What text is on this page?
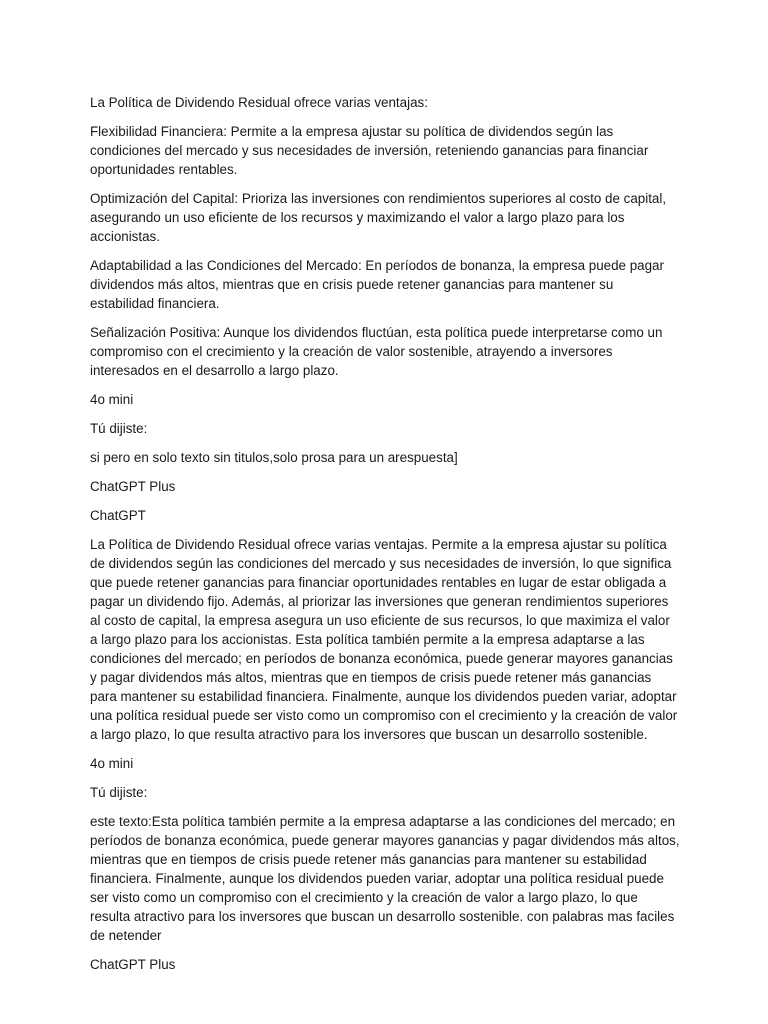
La Política de Dividendo Residual ofrece varias ventajas:

Flexibilidad Financiera: Permite a la empresa ajustar su política de dividendos según las condiciones del mercado y sus necesidades de inversión, reteniendo ganancias para financiar oportunidades rentables.

Optimización del Capital: Prioriza las inversiones con rendimientos superiores al costo de capital, asegurando un uso eficiente de los recursos y maximizando el valor a largo plazo para los accionistas.

Adaptabilidad a las Condiciones del Mercado: En períodos de bonanza, la empresa puede pagar dividendos más altos, mientras que en crisis puede retener ganancias para mantener su estabilidad financiera.

Señalización Positiva: Aunque los dividendos fluctúan, esta política puede interpretarse como un compromiso con el crecimiento y la creación de valor sostenible, atrayendo a inversores interesados en el desarrollo a largo plazo.

4o mini

Tú dijiste:

si pero en solo texto sin titulos,solo prosa para un arespuesta]

ChatGPT Plus

ChatGPT

La Política de Dividendo Residual ofrece varias ventajas. Permite a la empresa ajustar su política de dividendos según las condiciones del mercado y sus necesidades de inversión, lo que significa que puede retener ganancias para financiar oportunidades rentables en lugar de estar obligada a pagar un dividendo fijo. Además, al priorizar las inversiones que generan rendimientos superiores al costo de capital, la empresa asegura un uso eficiente de sus recursos, lo que maximiza el valor a largo plazo para los accionistas. Esta política también permite a la empresa adaptarse a las condiciones del mercado; en períodos de bonanza económica, puede generar mayores ganancias y pagar dividendos más altos, mientras que en tiempos de crisis puede retener más ganancias para mantener su estabilidad financiera. Finalmente, aunque los dividendos pueden variar, adoptar una política residual puede ser visto como un compromiso con el crecimiento y la creación de valor a largo plazo, lo que resulta atractivo para los inversores que buscan un desarrollo sostenible.

4o mini

Tú dijiste:

este texto:Esta política también permite a la empresa adaptarse a las condiciones del mercado; en períodos de bonanza económica, puede generar mayores ganancias y pagar dividendos más altos, mientras que en tiempos de crisis puede retener más ganancias para mantener su estabilidad financiera. Finalmente, aunque los dividendos pueden variar, adoptar una política residual puede ser visto como un compromiso con el crecimiento y la creación de valor a largo plazo, lo que resulta atractivo para los inversores que buscan un desarrollo sostenible. con palabras mas faciles de netender

ChatGPT Plus
